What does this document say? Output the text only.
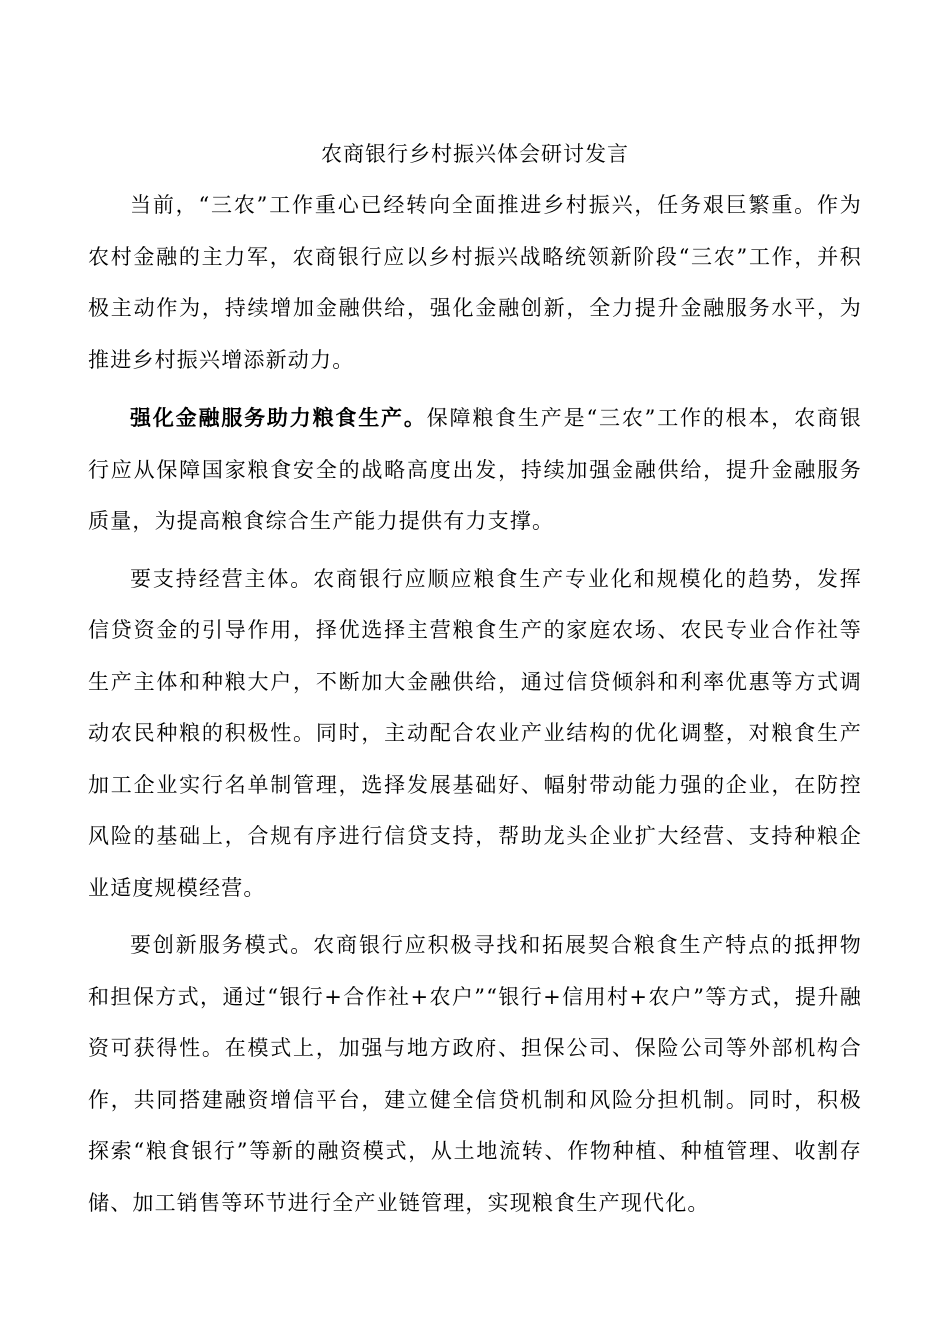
农商银行乡村振兴体会研讨发言

当前，“三农”工作重心已经转向全面推进乡村振兴，任务艰巨繁重。作为农村金融的主力军，农商银行应以乡村振兴战略统领新阶段“三农”工作，并积极主动作为，持续增加金融供给，强化金融创新，全力提升金融服务水平，为推进乡村振兴增添新动力。

强化金融服务助力粮食生产。保障粮食生产是“三农”工作的根本，农商银行应从保障国家粮食安全的战略高度出发，持续加强金融供给，提升金融服务质量，为提高粮食综合生产能力提供有力支撑。

要支持经营主体。农商银行应顺应粮食生产专业化和规模化的趋势，发挥信贷资金的引导作用，择优选择主营粮食生产的家庭农场、农民专业合作社等生产主体和种粮大户，不断加大金融供给，通过信贷倾斜和利率优惠等方式调动农民种粮的积极性。同时，主动配合农业产业结构的优化调整，对粮食生产加工企业实行名单制管理，选择发展基础好、幅射带动能力强的企业，在防控风险的基础上，合规有序进行信贷支持，帮助龙头企业扩大经营、支持种粮企业适度规模经营。

要创新服务模式。农商银行应积极寻找和拓展契合粮食生产特点的抵押物和担保方式，通过“银行+合作社+农户”“银行+信用村+农户”等方式，提升融资可获得性。在模式上，加强与地方政府、担保公司、保险公司等外部机构合作，共同搭建融资增信平台，建立健全信贷机制和风险分担机制。同时，积极探索“粮食银行”等新的融资模式，从土地流转、作物种植、种植管理、收割存储、加工销售等环节进行全产业链管理，实现粮食生产现代化。
